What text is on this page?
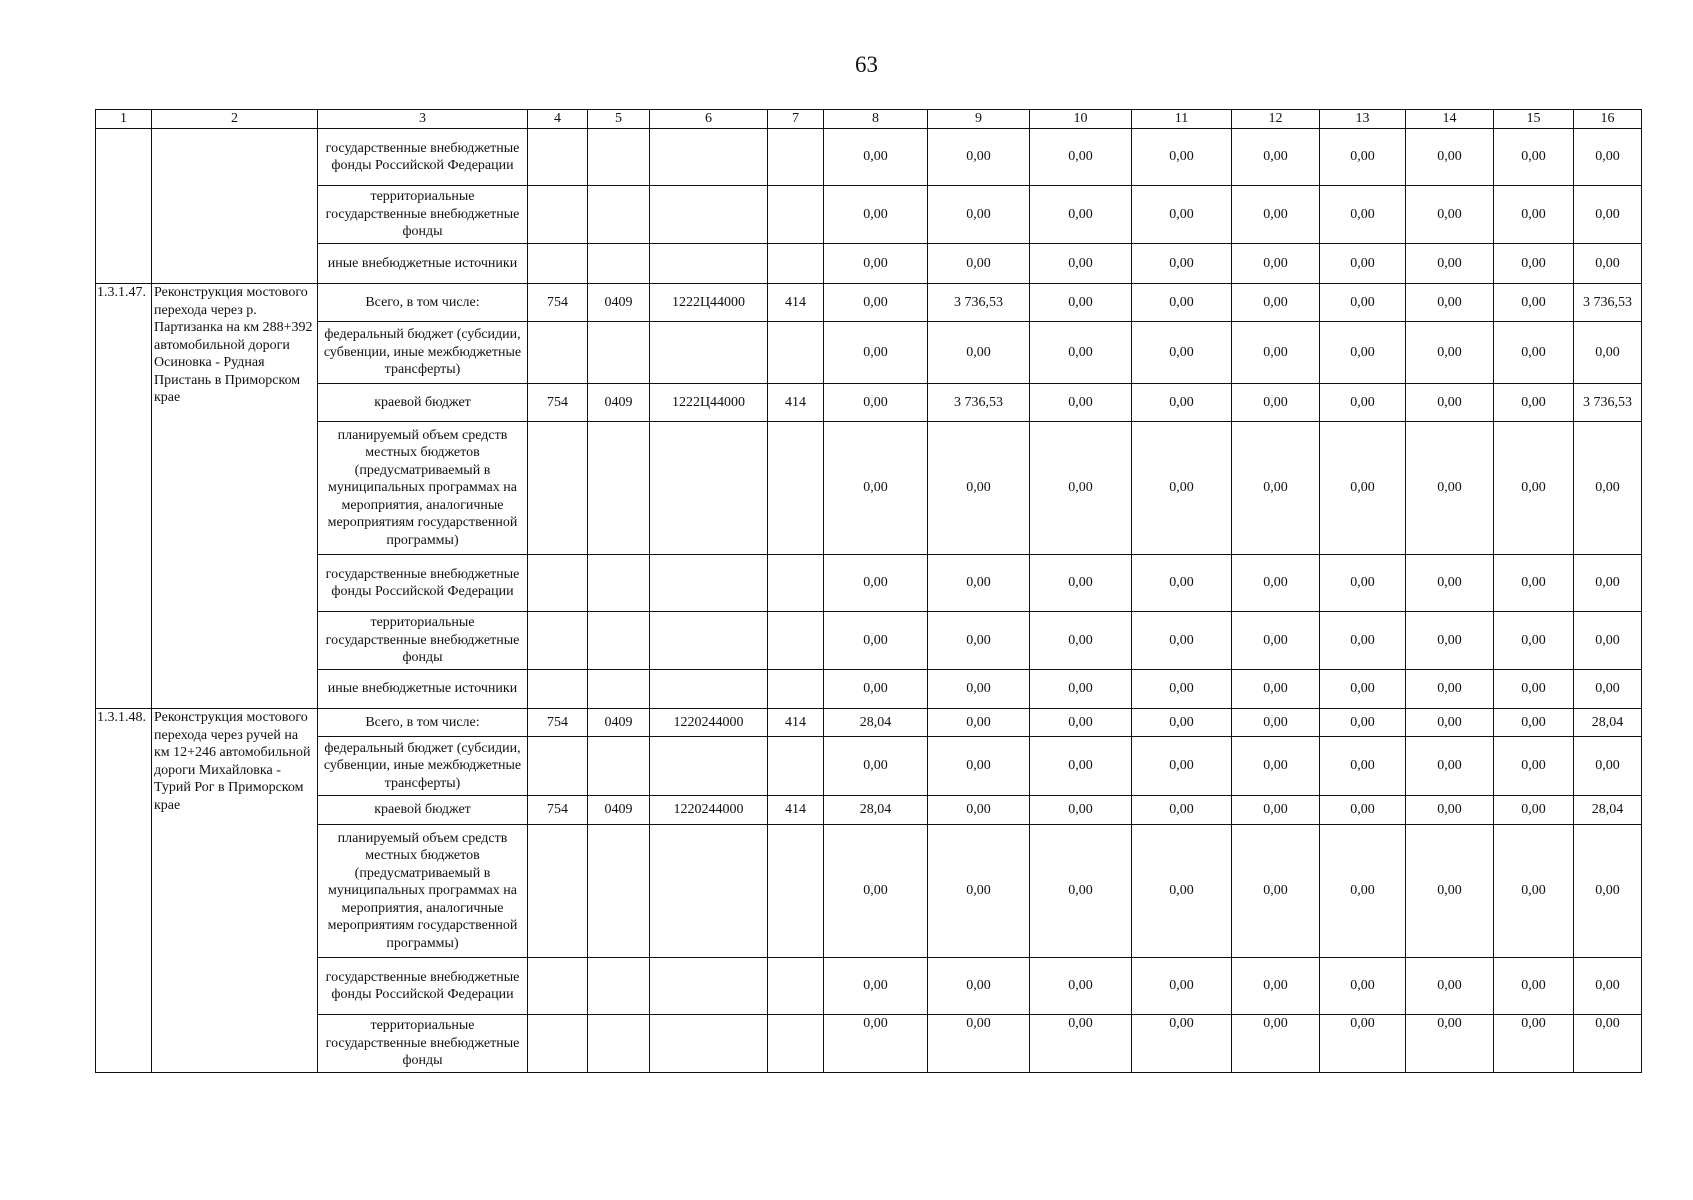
63
1	2	3	4	5	6	7	8	9	10	11	12	13	14	15	16
		государственные внебюджетные фонды Российской Федерации					0,00	0,00	0,00	0,00	0,00	0,00	0,00	0,00	0,00
		территориальные государственные внебюджетные фонды					0,00	0,00	0,00	0,00	0,00	0,00	0,00	0,00	0,00
		иные внебюджетные источники					0,00	0,00	0,00	0,00	0,00	0,00	0,00	0,00	0,00
1.3.1.47.	Реконструкция мостового перехода через р. Партизанка на км 288+392 автомобильной дороги Осиновка - Рудная Пристань в Приморском крае	Всего, в том числе:	754	0409	1222Ц44000	414	0,00	3 736,53	0,00	0,00	0,00	0,00	0,00	0,00	3 736,53
		федеральный бюджет (субсидии, субвенции, иные межбюджетные трансферты)					0,00	0,00	0,00	0,00	0,00	0,00	0,00	0,00	0,00
		краевой бюджет	754	0409	1222Ц44000	414	0,00	3 736,53	0,00	0,00	0,00	0,00	0,00	0,00	3 736,53
		планируемый объем средств местных бюджетов (предусматриваемый в муниципальных программах на мероприятия, аналогичные мероприятиям государственной программы)					0,00	0,00	0,00	0,00	0,00	0,00	0,00	0,00	0,00
		государственные внебюджетные фонды Российской Федерации					0,00	0,00	0,00	0,00	0,00	0,00	0,00	0,00	0,00
		территориальные государственные внебюджетные фонды					0,00	0,00	0,00	0,00	0,00	0,00	0,00	0,00	0,00
		иные внебюджетные источники					0,00	0,00	0,00	0,00	0,00	0,00	0,00	0,00	0,00
1.3.1.48.	Реконструкция мостового перехода через ручей на км 12+246 автомобильной дороги Михайловка - Турий Рог в Приморском крае	Всего, в том числе:	754	0409	1220244000	414	28,04	0,00	0,00	0,00	0,00	0,00	0,00	0,00	28,04
		федеральный бюджет (субсидии, субвенции, иные межбюджетные трансферты)					0,00	0,00	0,00	0,00	0,00	0,00	0,00	0,00	0,00
		краевой бюджет	754	0409	1220244000	414	28,04	0,00	0,00	0,00	0,00	0,00	0,00	0,00	28,04
		планируемый объем средств местных бюджетов (предусматриваемый в муниципальных программах на мероприятия, аналогичные мероприятиям государственной программы)					0,00	0,00	0,00	0,00	0,00	0,00	0,00	0,00	0,00
		государственные внебюджетные фонды Российской Федерации					0,00	0,00	0,00	0,00	0,00	0,00	0,00	0,00	0,00
		территориальные государственные внебюджетные фонды					0,00	0,00	0,00	0,00	0,00	0,00	0,00	0,00	0,00
